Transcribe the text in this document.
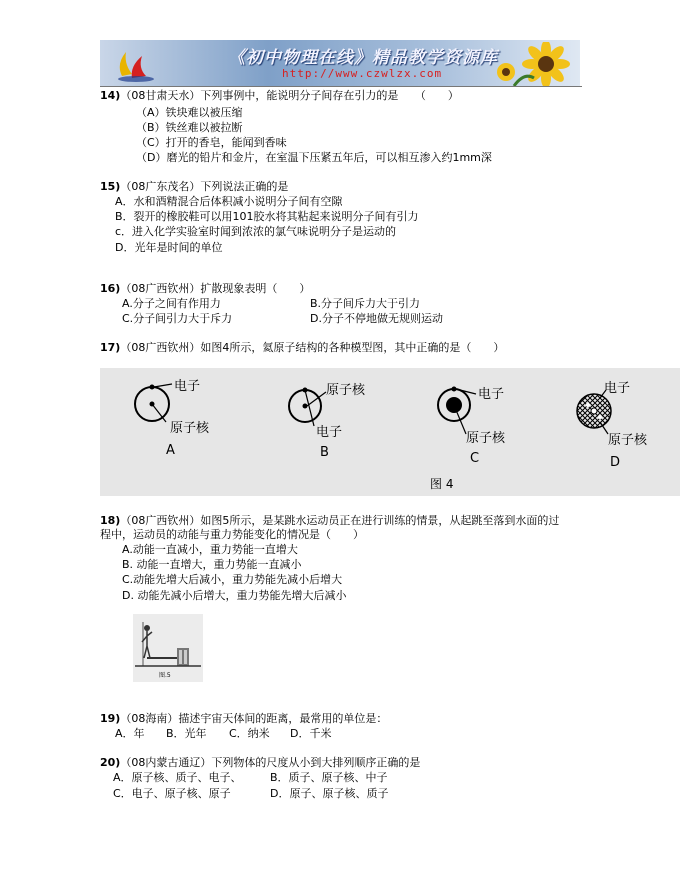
《初中物理在线》精品教学资源库
http://www.czwlzx.com
14)（08甘肃天水）下列事例中，能说明分子间存在引力的是　　（　　）
（A）铁块难以被压缩
（B）铁丝难以被拉断
（C）打开的香皂，能闻到香味
（D）磨光的铅片和金片，在室温下压紧五年后，可以相互渗入约1mm深
15)（08广东茂名）下列说法正确的是
A．水和酒精混合后体积减小说明分子间有空隙
B．裂开的橡胶鞋可以用101胶水将其粘起来说明分子间有引力
c．进入化学实验室时闻到浓浓的氯气味说明分子是运动的
D．光年是时间的单位
16)（08广西钦州）扩散现象表明（　　）
A.分子之间有作用力	B.分子间斥力大于引力
C.分子间引力大于斥力	D.分子不停地做无规则运动
17)（08广西钦州）如图4所示，氦原子结构的各种模型图，其中正确的是（　　）
电子
原子核
A
原子核
电子
B
电子
原子核
C
电子
原子核
D
图 4
18)（08广西钦州）如图5所示，是某跳水运动员正在进行训练的情景，从起跳至落到水面的过
程中，运动员的动能与重力势能变化的情况是（　　）
A.动能一直减小，重力势能一直增大
B. 动能一直增大，重力势能一直减小
C.动能先增大后减小，重力势能先减小后增大
D. 动能先减小后增大，重力势能先增大后减小
图.5
19)（08海南）描述宇宙天体间的距离，最常用的单位是：
A．年 B．光年 C．纳米 D．千米
20)（08内蒙古通辽）下列物体的尺度从小到大排列顺序正确的是
A．原子核、质子、电子、	B．质子、原子核、中子
C．电子、原子核、原子	D．原子、原子核、质子
